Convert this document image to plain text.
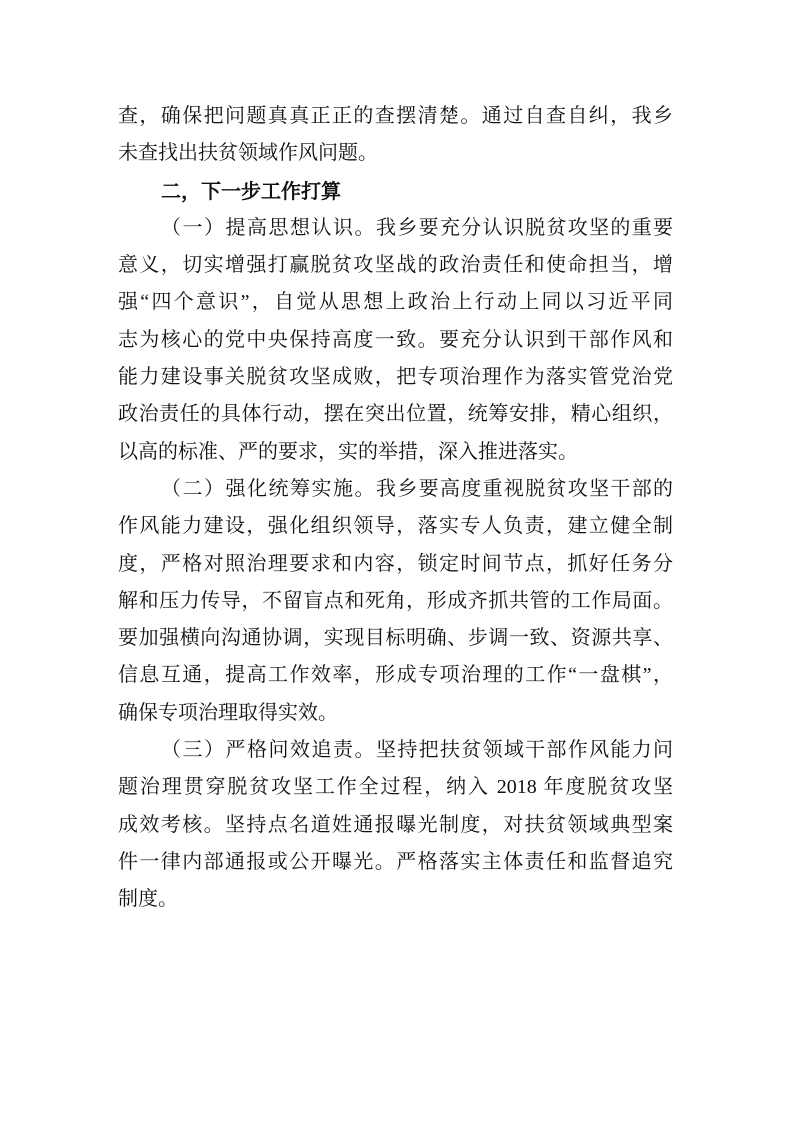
查，确保把问题真真正正的查摆清楚。通过自查自纠，我乡
未查找出扶贫领域作风问题。
二，下一步工作打算
（一）提高思想认识。我乡要充分认识脱贫攻坚的重要
意义，切实增强打赢脱贫攻坚战的政治责任和使命担当，增
强“四个意识”，自觉从思想上政治上行动上同以习近平同
志为核心的党中央保持高度一致。要充分认识到干部作风和
能力建设事关脱贫攻坚成败，把专项治理作为落实管党治党
政治责任的具体行动，摆在突出位置，统筹安排，精心组织，
以高的标准、严的要求，实的举措，深入推进落实。
（二）强化统筹实施。我乡要高度重视脱贫攻坚干部的
作风能力建设，强化组织领导，落实专人负责，建立健全制
度，严格对照治理要求和内容，锁定时间节点，抓好任务分
解和压力传导，不留盲点和死角，形成齐抓共管的工作局面。
要加强横向沟通协调，实现目标明确、步调一致、资源共享、
信息互通，提高工作效率，形成专项治理的工作“一盘棋”，
确保专项治理取得实效。
（三）严格问效追责。坚持把扶贫领域干部作风能力问
题治理贯穿脱贫攻坚工作全过程，纳入 2018 年度脱贫攻坚
成效考核。坚持点名道姓通报曝光制度，对扶贫领域典型案
件一律内部通报或公开曝光。严格落实主体责任和监督追究
制度。
